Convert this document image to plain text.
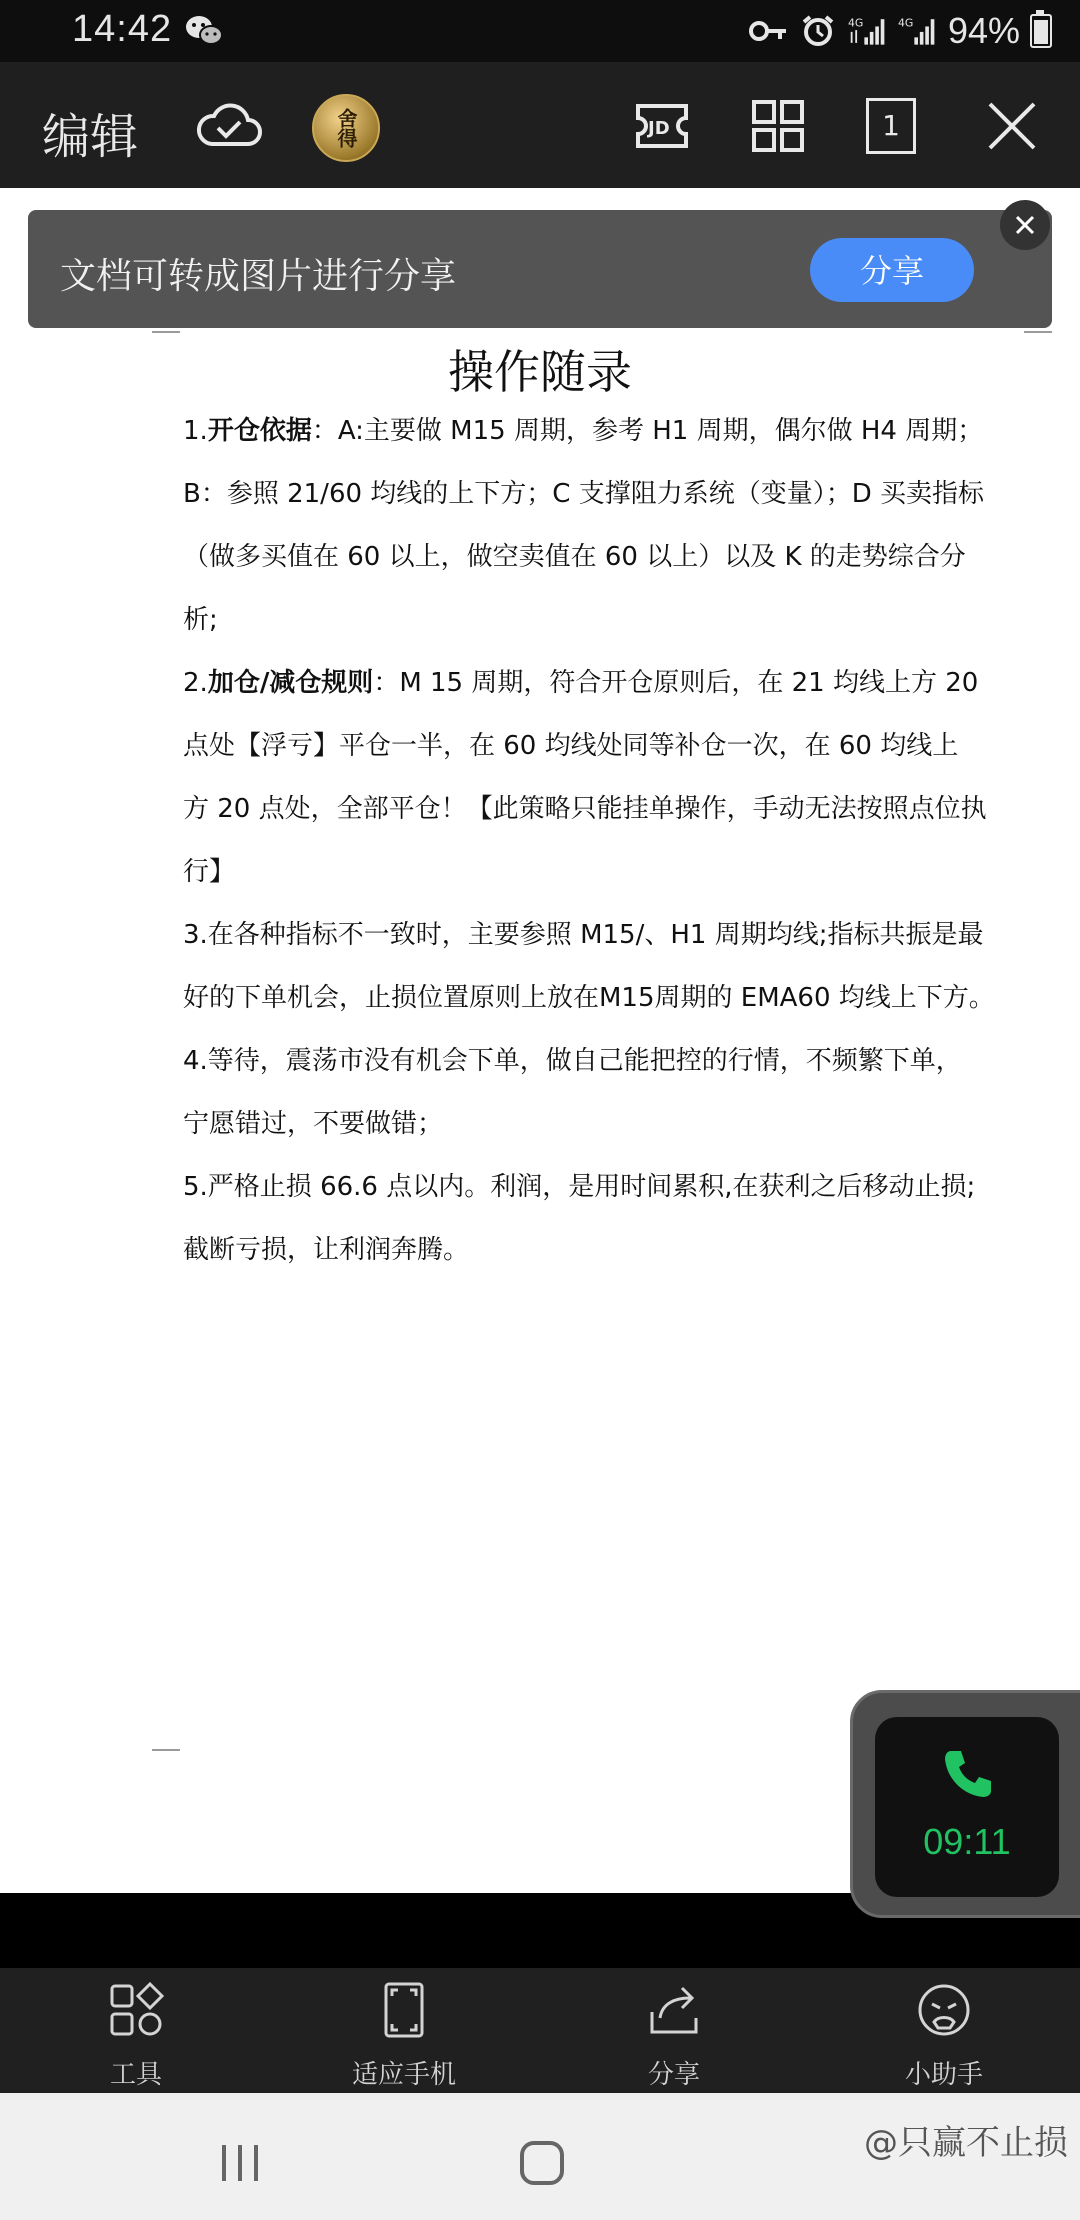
14:42	4G	4G 94%
编辑	舍得	JD	1
文档可转成图片进行分享	分享
操作随录
1.开仓依据：A:主要做 M15 周期，参考 H1 周期，偶尔做 H4 周期；
B：参照 21/60 均线的上下方；C 支撑阻力系统（变量）；D 买卖指标
（做多买值在 60 以上，做空卖值在 60 以上）以及 K 的走势综合分
析;
2.加仓/减仓规则：M 15 周期，符合开仓原则后，在 21 均线上方 20
点处【浮亏】平仓一半，在 60 均线处同等补仓一次，在 60 均线上
方 20 点处，全部平仓！【此策略只能挂单操作，手动无法按照点位执
行】
3.在各种指标不一致时，主要参照 M15/、H1 周期均线;指标共振是最
好的下单机会，止损位置原则上放在M15周期的 EMA60 均线上下方。
4.等待，震荡市没有机会下单，做自己能把控的行情，不频繁下单，
宁愿错过，不要做错；
5.严格止损 66.6 点以内。利润，是用时间累积,在获利之后移动止损;
截断亏损，让利润奔腾。
09:11
工具	适应手机	分享	小助手
@只赢不止损
